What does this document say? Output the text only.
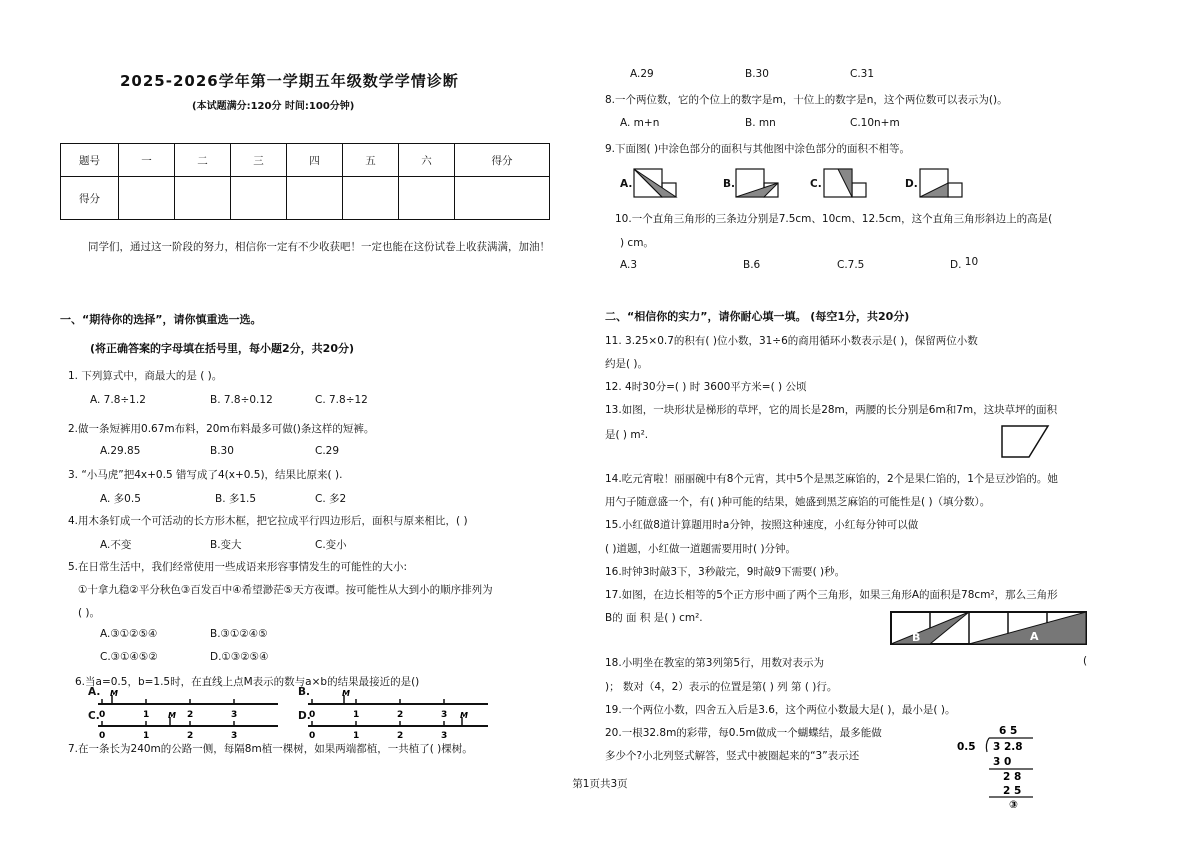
2025-2026学年第一学期五年级数学学情诊断
(本试题满分:120分 时间:100分钟)
题号	一	二	三	四	五	六	得分
得分							
同学们，通过这一阶段的努力，相信你一定有不少收获吧！一定也能在这份试卷上收获满满，加油！
一、“期待你的选择”，请你慎重选一选。
(将正确答案的字母填在括号里，每小题2分，共20分)
1. 下列算式中，商最大的是 ( )。
A. 7.8÷1.2	B. 7.8÷0.12	C. 7.8÷12
2.做一条短裤用0.67m布料，20m布料最多可做()条这样的短裤。
A.29.85	B.30	C.29
3. “小马虎”把4x+0.5 错写成了4(x+0.5)，结果比原来( ).
A. 多0.5	B. 多1.5	C. 多2
4.用木条钉成一个可活动的长方形木框，把它拉成平行四边形后，面积与原来相比，( )
A.不变	B.变大	C.变小
5.在日常生活中，我们经常使用一些成语来形容事情发生的可能性的大小:
①十拿九稳②平分秋色③百发百中④希望渺茫⑤天方夜谭。按可能性从大到小的顺序排列为
( )。
A.③①②⑤④	B.③①②④⑤
C.③①④⑤②	D.①③②⑤④
6.当a=0.5，b=1.5时，在直线上点M表示的数与a×b的结果最接近的是()
A. M
0	1	2	3
B.	M
0	1	2	3
C.	M
0	1	2	3
D.	M
0	1	2	3
7.在一条长为240m的公路一侧，每隔8m植一棵树，如果两端都植，一共植了( )棵树。
A.29	B.30	C.31
8.一个两位数，它的个位上的数字是m，十位上的数字是n，这个两位数可以表示为()。
A. m+n	B. mn	C.10n+m
9.下面图( )中涂色部分的面积与其他图中涂色部分的面积不相等。
A.	B.	C.	D.
10.一个直角三角形的三条边分别是7.5cm、10cm、12.5cm，这个直角三角形斜边上的高是(
) cm。
A.3	B.6	C.7.5	D. 10
二、“相信你的实力”，请你耐心填一填。 (每空1分，共20分)
11. 3.25×0.7的积有( )位小数，31÷6的商用循环小数表示是( )，保留两位小数
约是( )。
12. 4时30分=( ) 时 3600平方米=( ) 公顷
13.如图，一块形状是梯形的草坪，它的周长是28m，两腰的长分别是6m和7m，这块草坪的面积
是( ) m².
14.吃元宵啦！丽丽碗中有8个元宵，其中5个是黑芝麻馅的，2个是果仁馅的，1个是豆沙馅的。她
用勺子随意盛一个，有( )种可能的结果，她盛到黑芝麻馅的可能性是( )（填分数）。
15.小红做8道计算题用时a分钟，按照这种速度，小红每分钟可以做
( )道题，小红做一道题需要用时( )分钟。
16.时钟3时敲3下，3秒敲完，9时敲9下需要( )秒。
17.如图，在边长相等的5个正方形中画了两个三角形，如果三角形A的面积是78cm²，那么三角形
B的 面 积 是( ) cm².
B	A
18.小明坐在教室的第3列第5行，用数对表示为	(
)； 数对（4，2）表示的位置是第( ) 列 第 ( )行。
19.一个两位小数，四舍五入后是3.6，这个两位小数最大是( )，最小是( )。
20.一根32.8m的彩带，每0.5m做成一个蝴蝶结，最多能做
多少个?小北列竖式解答，竖式中被圈起来的“3”表示还
6 5
0.5 3 2.8
3 0
2 8
2 5
③
第1页共3页
